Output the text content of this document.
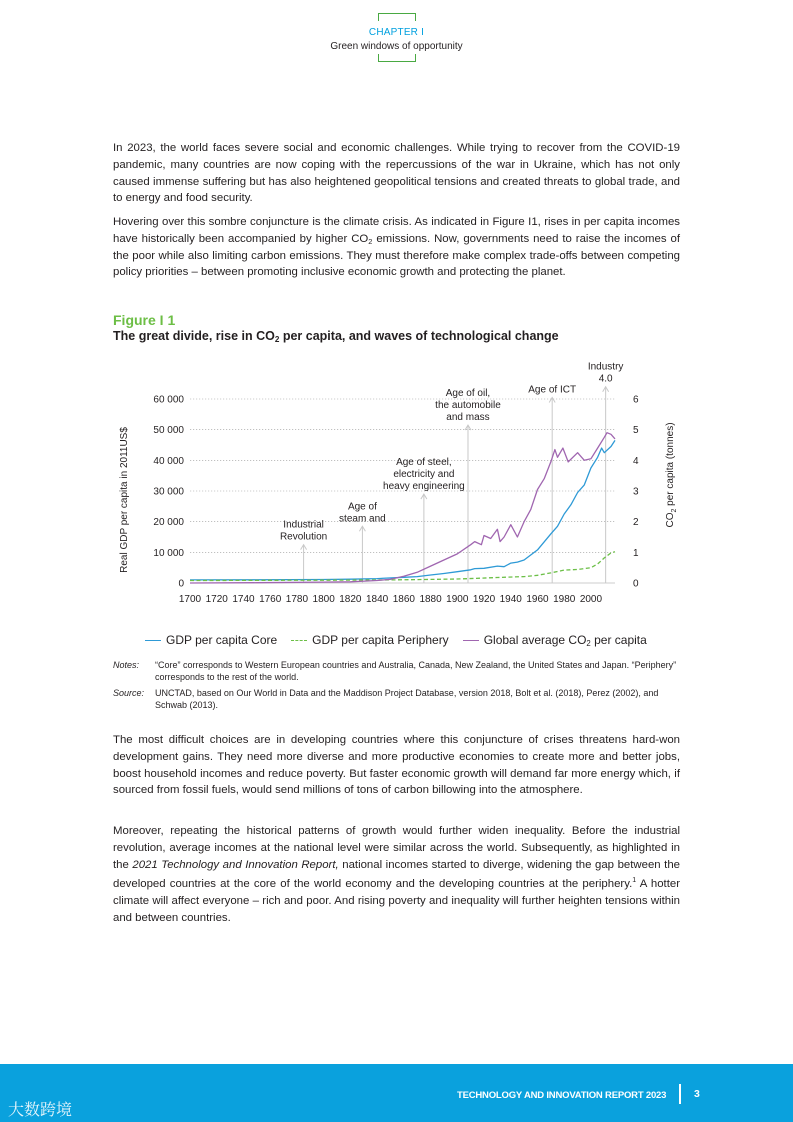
CHAPTER I
Green windows of opportunity

In 2023, the world faces severe social and economic challenges. While trying to recover from the COVID-19 pandemic, many countries are now coping with the repercussions of the war in Ukraine, which has not only caused immense suffering but has also heightened geopolitical tensions and created threats to global trade, and to energy and food security.

Hovering over this sombre conjuncture is the climate crisis. As indicated in Figure I1, rises in per capita incomes have historically been accompanied by higher $CO_2$ emissions. Now, governments need to raise the incomes of the poor while also limiting carbon emissions. They must therefore make complex trade-offs between competing policy priorities – between promoting inclusive economic growth and protecting the planet.

Figure I 1
The great divide, rise in $CO_2$ per capita, and waves of technological change
Industrial
Revolution
Age of
steam and
Age of steel,
electricity and
heavy engineering
Age of oil,
the automobile
and mass
Age of ICT
Industry
4.0
0
10 000
20 000
30 000
40 000
50 000
60 000
0
1
2
3
4
5
6
1700 1720 1740 1760 1780 1800 1820 1840 1860 1880 1900 1920 1940 1960 1980 2000
Real GDP per capita in 2011US$	$CO_2$ per capita (tonnes)
GDP per capita Core	GDP per capita Periphery	Global average $CO_2$ per capita
Notes:	“Core” corresponds to Western European countries and Australia, Canada, New Zealand, the United States and Japan. “Periphery” corresponds to the rest of the world.
Source:	UNCTAD, based on Our World in Data and the Maddison Project Database, version 2018, Bolt et al. (2018), Perez (2002), and Schwab (2013).

The most difficult choices are in developing countries where this conjuncture of crises threatens hard-won development gains. They need more diverse and more productive economies to create more and better jobs, boost household incomes and reduce poverty. But faster economic growth will demand far more energy which, if sourced from fossil fuels, would send millions of tons of carbon billowing into the atmosphere.

Moreover, repeating the historical patterns of growth would further widen inequality. Before the industrial revolution, average incomes at the national level were similar across the world. Subsequently, as highlighted in the 2021 Technology and Innovation Report, national incomes started to diverge, widening the gap between the developed countries at the core of the world economy and the developing countries at the periphery.$^1$ A hotter climate will affect everyone – rich and poor. And rising poverty and inequality will further heighten tensions within and between countries.

TECHNOLOGY AND INNOVATION REPORT 2023	3
大数跨境
